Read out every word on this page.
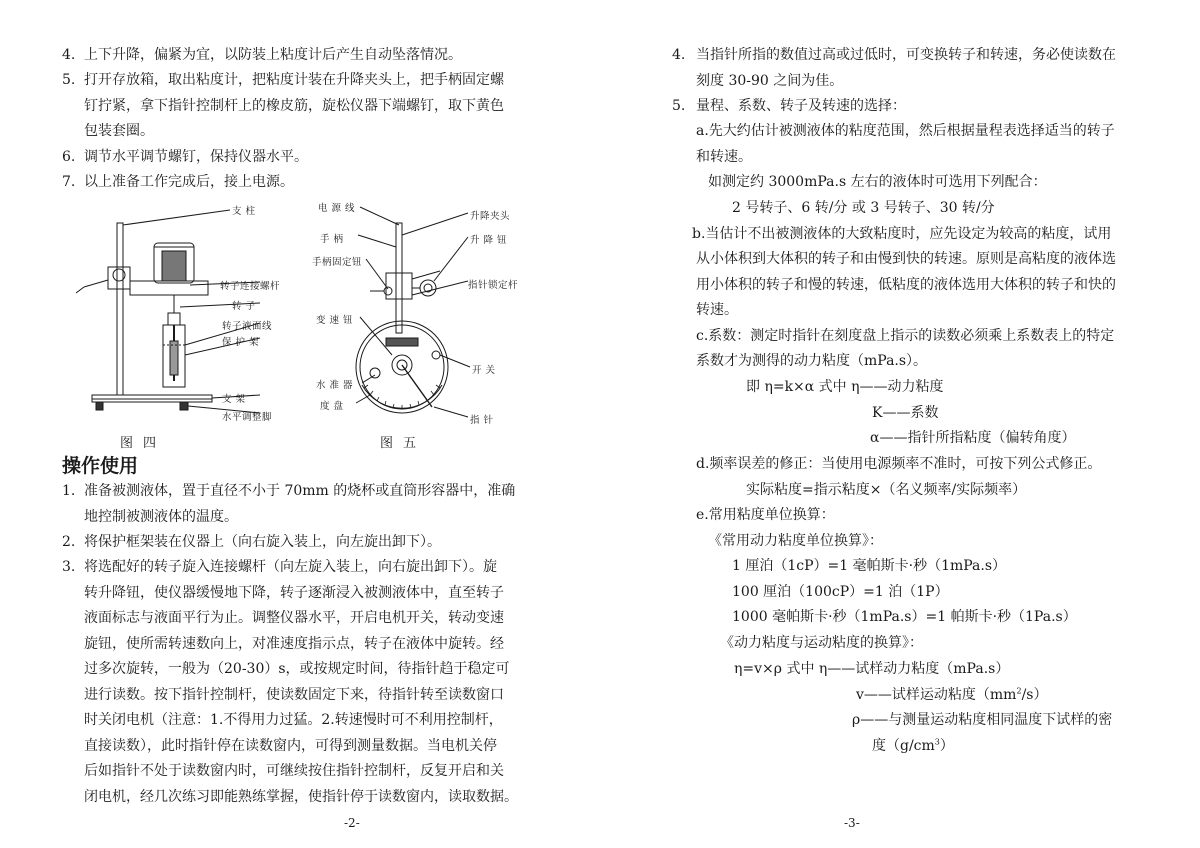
4. 上下升降，偏紧为宜，以防装上粘度计后产生自动坠落情况。
5. 打开存放箱，取出粘度计，把粘度计装在升降夹头上，把手柄固定螺
钉拧紧，拿下指针控制杆上的橡皮筋，旋松仪器下端螺钉，取下黄色
包装套圈。
6. 调节水平调节螺钉，保持仪器水平。
7. 以上准备工作完成后，接上电源。
支 柱
转子连接螺杆
转 子
转子液面线
保 护 架
支 架
水平调整脚
图四
电 源 线
手 柄
手柄固定钮
变 速 钮
水 准 器
度 盘
升降夹头
升 降 钮
指针锁定杆
开 关
指 针
图五
操作使用
1. 准备被测液体，置于直径不小于 70mm 的烧杯或直筒形容器中，准确
地控制被测液体的温度。
2. 将保护框架装在仪器上（向右旋入装上，向左旋出卸下）。
3. 将选配好的转子旋入连接螺杆（向左旋入装上，向右旋出卸下）。旋
转升降钮，使仪器缓慢地下降，转子逐渐浸入被测液体中，直至转子
液面标志与液面平行为止。调整仪器水平，开启电机开关，转动变速
旋钮，使所需转速数向上，对准速度指示点，转子在液体中旋转。经
过多次旋转，一般为（20-30）s，或按规定时间，待指针趋于稳定可
进行读数。按下指针控制杆，使读数固定下来，待指针转至读数窗口
时关闭电机（注意：1.不得用力过猛。2.转速慢时可不利用控制杆，
直接读数），此时指针停在读数窗内，可得到测量数据。当电机关停
后如指针不处于读数窗内时，可继续按住指针控制杆，反复开启和关
闭电机，经几次练习即能熟练掌握，使指针停于读数窗内，读取数据。
-2-
4. 当指针所指的数值过高或过低时，可变换转子和转速，务必使读数在
刻度 30-90 之间为佳。
5. 量程、系数、转子及转速的选择：
a.先大约估计被测液体的粘度范围，然后根据量程表选择适当的转子
和转速。
如测定约 3000mPa.s 左右的液体时可选用下列配合：
2 号转子、6 转/分 或 3 号转子、30 转/分
b.当估计不出被测液体的大致粘度时，应先设定为较高的粘度，试用
从小体积到大体积的转子和由慢到快的转速。原则是高粘度的液体选
用小体积的转子和慢的转速，低粘度的液体选用大体积的转子和快的
转速。
c.系数：测定时指针在刻度盘上指示的读数必须乘上系数表上的特定
系数才为测得的动力粘度（mPa.s）。
即 η=k×α 式中 η——动力粘度
K——系数
α——指针所指粘度（偏转角度）
d.频率误差的修正：当使用电源频率不准时，可按下列公式修正。
实际粘度=指示粘度×（名义频率/实际频率）
e.常用粘度单位换算：
《常用动力粘度单位换算》：
1 厘泊（1cP）=1 毫帕斯卡·秒（1mPa.s）
100 厘泊（100cP）=1 泊（1P）
1000 毫帕斯卡·秒（1mPa.s）=1 帕斯卡·秒（1Pa.s）
《动力粘度与运动粘度的换算》：
η=v×ρ 式中 η——试样动力粘度（mPa.s）
v——试样运动粘度$(mm^2/s)$
ρ——与测量运动粘度相同温度下试样的密
度$(g/cm^3)$
-3-
